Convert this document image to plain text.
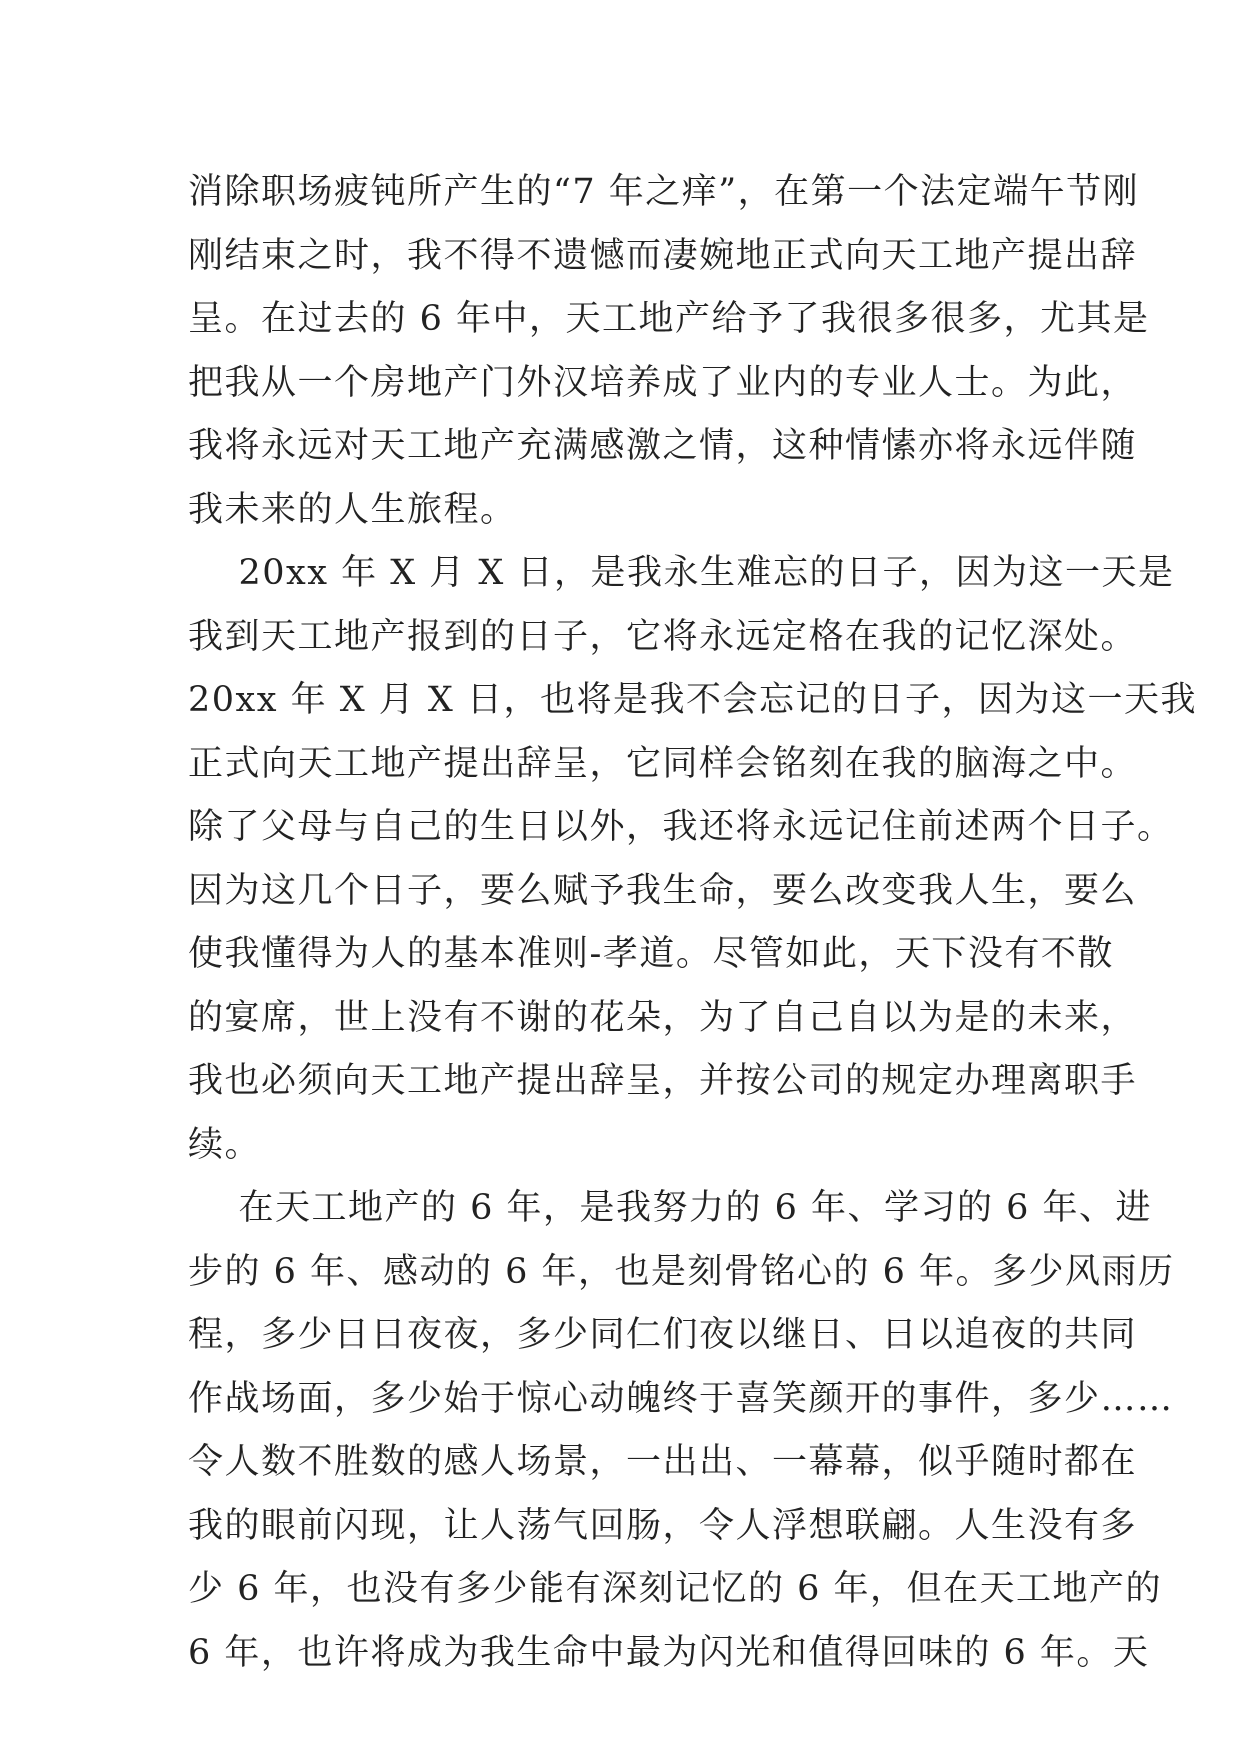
消除职场疲钝所产生的“7 年之痒”，在第一个法定端午节刚
刚结束之时，我不得不遗憾而凄婉地正式向天工地产提出辞
呈。在过去的 6 年中，天工地产给予了我很多很多，尤其是
把我从一个房地产门外汉培养成了业内的专业人士。为此，
我将永远对天工地产充满感激之情，这种情愫亦将永远伴随
我未来的人生旅程。
20xx 年 X 月 X 日，是我永生难忘的日子，因为这一天是
我到天工地产报到的日子，它将永远定格在我的记忆深处。
20xx 年 X 月 X 日，也将是我不会忘记的日子，因为这一天我
正式向天工地产提出辞呈，它同样会铭刻在我的脑海之中。
除了父母与自己的生日以外，我还将永远记住前述两个日子。
因为这几个日子，要么赋予我生命，要么改变我人生，要么
使我懂得为人的基本准则-孝道。尽管如此，天下没有不散
的宴席，世上没有不谢的花朵，为了自己自以为是的未来，
我也必须向天工地产提出辞呈，并按公司的规定办理离职手
续。
在天工地产的 6 年，是我努力的 6 年、学习的 6 年、进
步的 6 年、感动的 6 年，也是刻骨铭心的 6 年。多少风雨历
程，多少日日夜夜，多少同仁们夜以继日、日以追夜的共同
作战场面，多少始于惊心动魄终于喜笑颜开的事件，多少……
令人数不胜数的感人场景，一出出、一幕幕，似乎随时都在
我的眼前闪现，让人荡气回肠，令人浮想联翩。人生没有多
少 6 年，也没有多少能有深刻记忆的 6 年，但在天工地产的
6 年，也许将成为我生命中最为闪光和值得回味的 6 年。天
